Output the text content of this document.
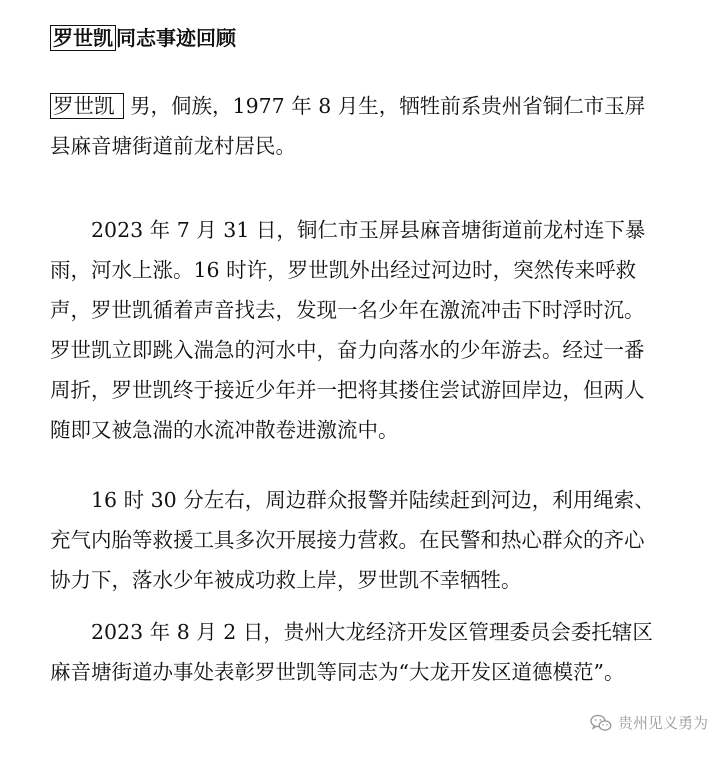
罗世凯 同志事迹回顾

罗世凯 男，侗族，1977 年 8 月生，牺牲前系贵州省铜仁市玉屏县麻音塘街道前龙村居民。

2023 年 7 月 31 日，铜仁市玉屏县麻音塘街道前龙村连下暴雨，河水上涨。16 时许，罗世凯外出经过河边时，突然传来呼救声，罗世凯循着声音找去，发现一名少年在激流冲击下时浮时沉。罗世凯立即跳入湍急的河水中，奋力向落水的少年游去。经过一番周折，罗世凯终于接近少年并一把将其搂住尝试游回岸边，但两人随即又被急湍的水流冲散卷进激流中。

16 时 30 分左右，周边群众报警并陆续赶到河边，利用绳索、充气内胎等救援工具多次开展接力营救。在民警和热心群众的齐心协力下，落水少年被成功救上岸，罗世凯不幸牺牲。

2023 年 8 月 2 日，贵州大龙经济开发区管理委员会委托辖区麻音塘街道办事处表彰罗世凯等同志为“大龙开发区道德模范”。

贵州见义勇为
